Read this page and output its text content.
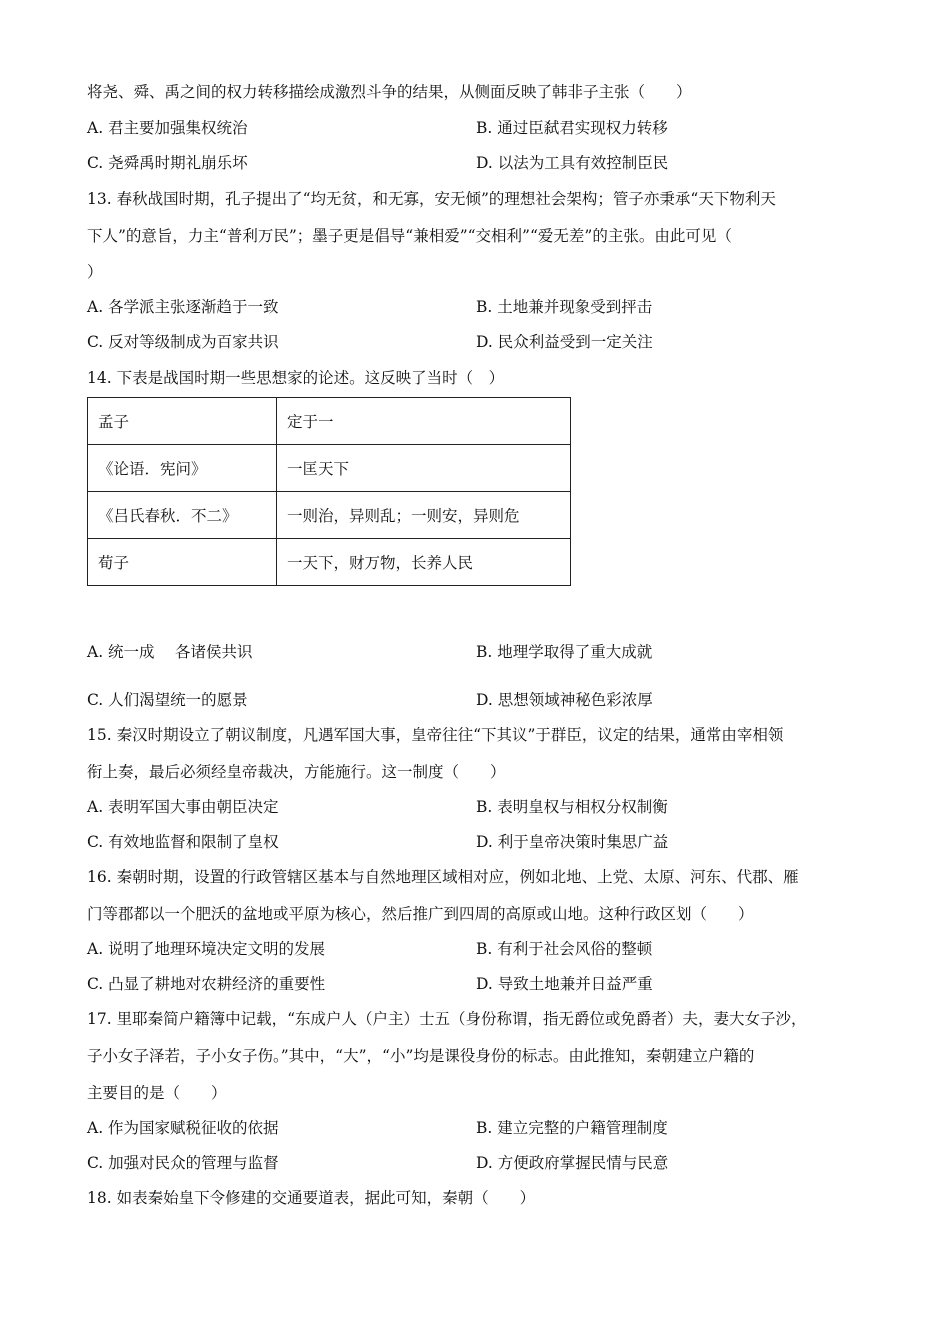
将尧、舜、禹之间的权力转移描绘成激烈斗争的结果，从侧面反映了韩非子主张（　　）
A. 君主要加强集权统治	B. 通过臣弑君实现权力转移
C. 尧舜禹时期礼崩乐坏	D. 以法为工具有效控制臣民
13. 春秋战国时期，孔子提出了“均无贫，和无寡，安无倾”的理想社会架构；管子亦秉承“天下物利天
下人”的意旨，力主“普利万民”；墨子更是倡导“兼相爱”“交相利”“爱无差”的主张。由此可见（
）
A. 各学派主张逐渐趋于一致	B. 土地兼并现象受到抨击
C. 反对等级制成为百家共识	D. 民众利益受到一定关注
14. 下表是战国时期一些思想家的论述。这反映了当时（　）
孟子	定于一
《论语．宪问》	一匡天下
《吕氏春秋．不二》	一则治，异则乱；一则安，异则危
荀子	一天下，财万物，长养人民
A. 统一成　 各诸侯共识	B. 地理学取得了重大成就
C. 人们渴望统一的愿景	D. 思想领域神秘色彩浓厚
15. 秦汉时期设立了朝议制度，凡遇军国大事，皇帝往往“下其议”于群臣，议定的结果，通常由宰相领
衔上奏，最后必须经皇帝裁决，方能施行。这一制度（　　）
A. 表明军国大事由朝臣决定	B. 表明皇权与相权分权制衡
C. 有效地监督和限制了皇权	D. 利于皇帝决策时集思广益
16. 秦朝时期，设置的行政管辖区基本与自然地理区域相对应，例如北地、上党、太原、河东、代郡、雁
门等郡都以一个肥沃的盆地或平原为核心，然后推广到四周的高原或山地。这种行政区划（　　）
A. 说明了地理环境决定文明的发展	B. 有利于社会风俗的整顿
C. 凸显了耕地对农耕经济的重要性	D. 导致土地兼并日益严重
17. 里耶秦简户籍簿中记载，“东成户人（户主）士五（身份称谓，指无爵位或免爵者）夫，妻大女子沙，
子小女子泽若，子小女子伤。”其中，“大”，“小”均是课役身份的标志。由此推知，秦朝建立户籍的
主要目的是（　　）
A. 作为国家赋税征收的依据	B. 建立完整的户籍管理制度
C. 加强对民众的管理与监督	D. 方便政府掌握民情与民意
18. 如表秦始皇下令修建的交通要道表，据此可知，秦朝（　　）
